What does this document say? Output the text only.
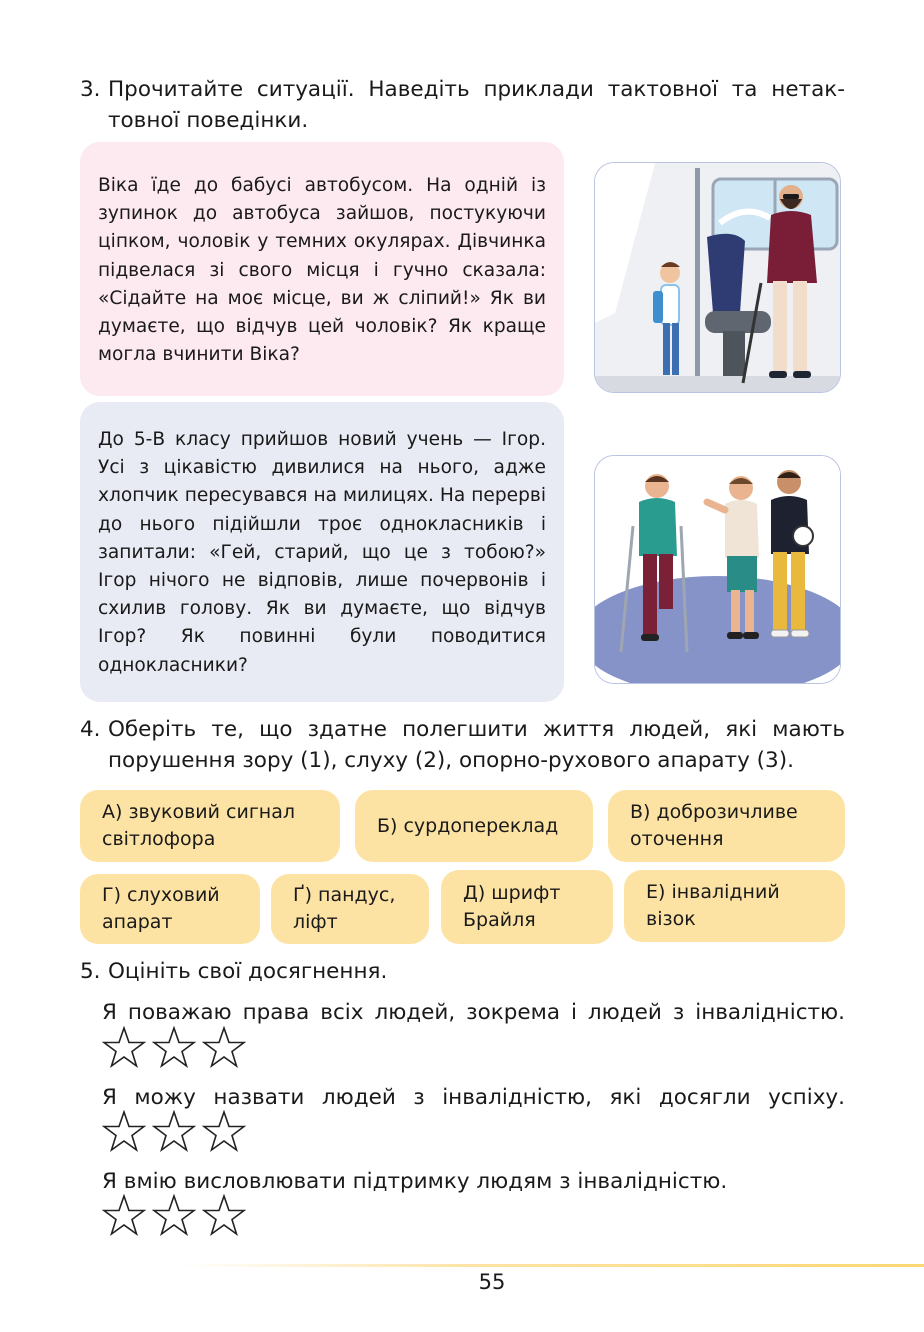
3. Прочитайте ситуації. Наведіть приклади тактовної та нетак- товної поведінки.
Віка їде до бабусі автобусом. На одній із зупинок до автобуса зайшов, постукуючи ціпком, чоловік у темних окулярах. Дівчинка підвелася зі свого місця і гучно сказала: «Сідайте на моє місце, ви ж сліпий!» Як ви думаєте, що відчув цей чоловік? Як краще могла вчинити Віка?
До 5-В класу прийшов новий учень — Ігор. Усі з цікавістю дивилися на нього, адже хлопчик пересувався на милицях. На перерві до нього підійшли троє однокласників і запитали: «Гей, старий, що це з тобою?» Ігор нічого не відповів, лише почервонів і схилив голову. Як ви думаєте, що відчув Ігор? Як повинні були поводитися однокласники?
4. Оберіть те, що здатне полегшити життя людей, які мають порушення зору (1), слуху (2), опорно-рухового апарату (3).
А) звуковий сигнал світлофора
Б) сурдопереклад
В) доброзичливе оточення
Г) слуховий апарат
Ґ) пандус, ліфт
Д) шрифт Брайля
Е) інвалідний візок
5. Оцініть свої досягнення.
Я поважаю права всіх людей, зокрема і людей з інвалідністю.
Я можу назвати людей з інвалідністю, які досягли успіху.
Я вмію висловлювати підтримку людям з інвалідністю.
55
